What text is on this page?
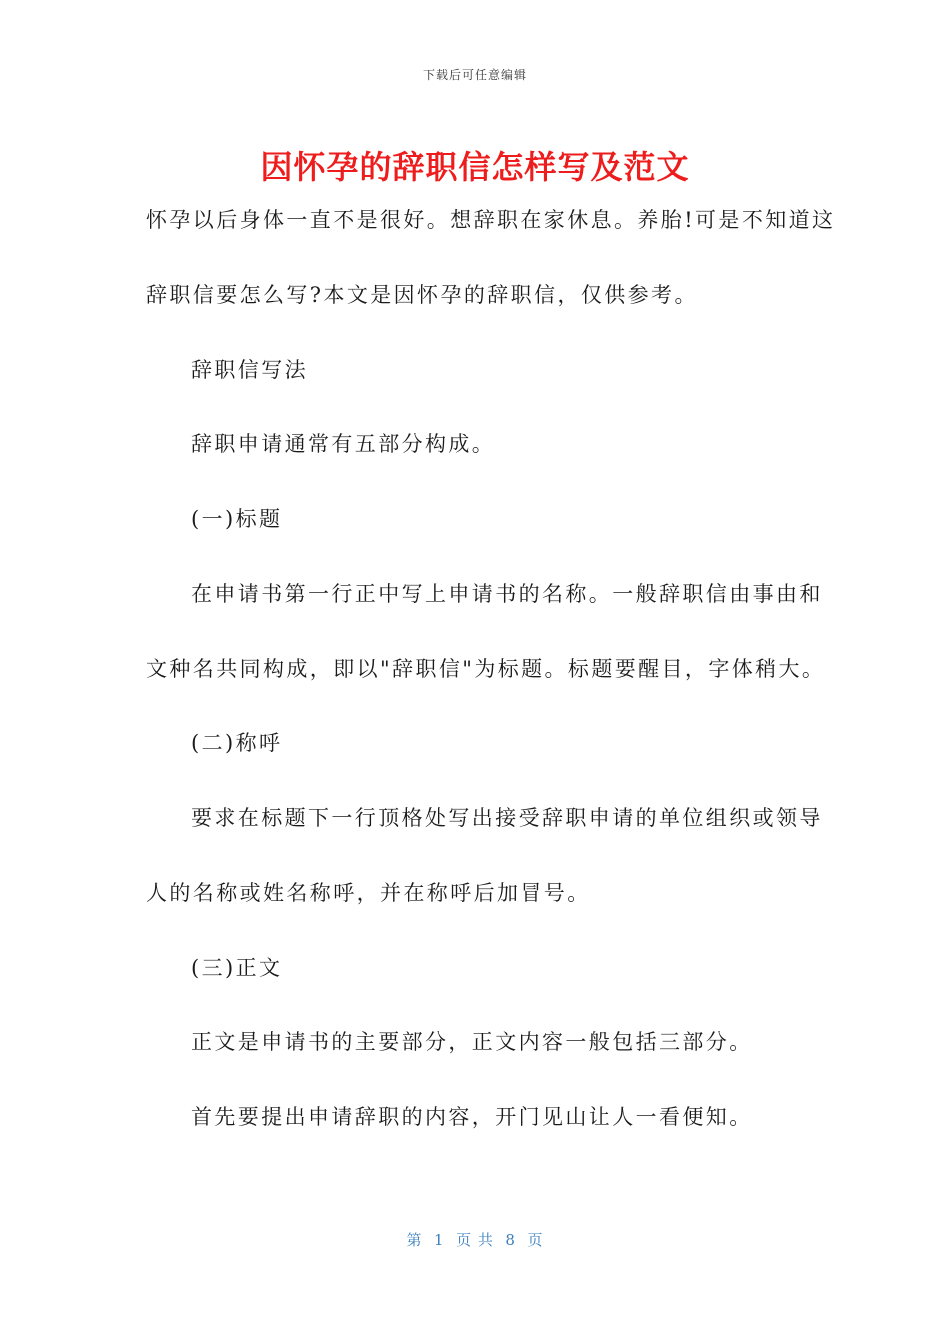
下载后可任意编辑
因怀孕的辞职信怎样写及范文
怀孕以后身体一直不是很好。想辞职在家休息。养胎!可是不知道这
辞职信要怎么写?本文是因怀孕的辞职信，仅供参考。
辞职信写法
辞职申请通常有五部分构成。
(一)标题
在申请书第一行正中写上申请书的名称。一般辞职信由事由和
文种名共同构成，即以"辞职信"为标题。标题要醒目，字体稍大。
(二)称呼
要求在标题下一行顶格处写出接受辞职申请的单位组织或领导
人的名称或姓名称呼，并在称呼后加冒号。
(三)正文
正文是申请书的主要部分，正文内容一般包括三部分。
首先要提出申请辞职的内容，开门见山让人一看便知。
第  1  页 共  8  页
